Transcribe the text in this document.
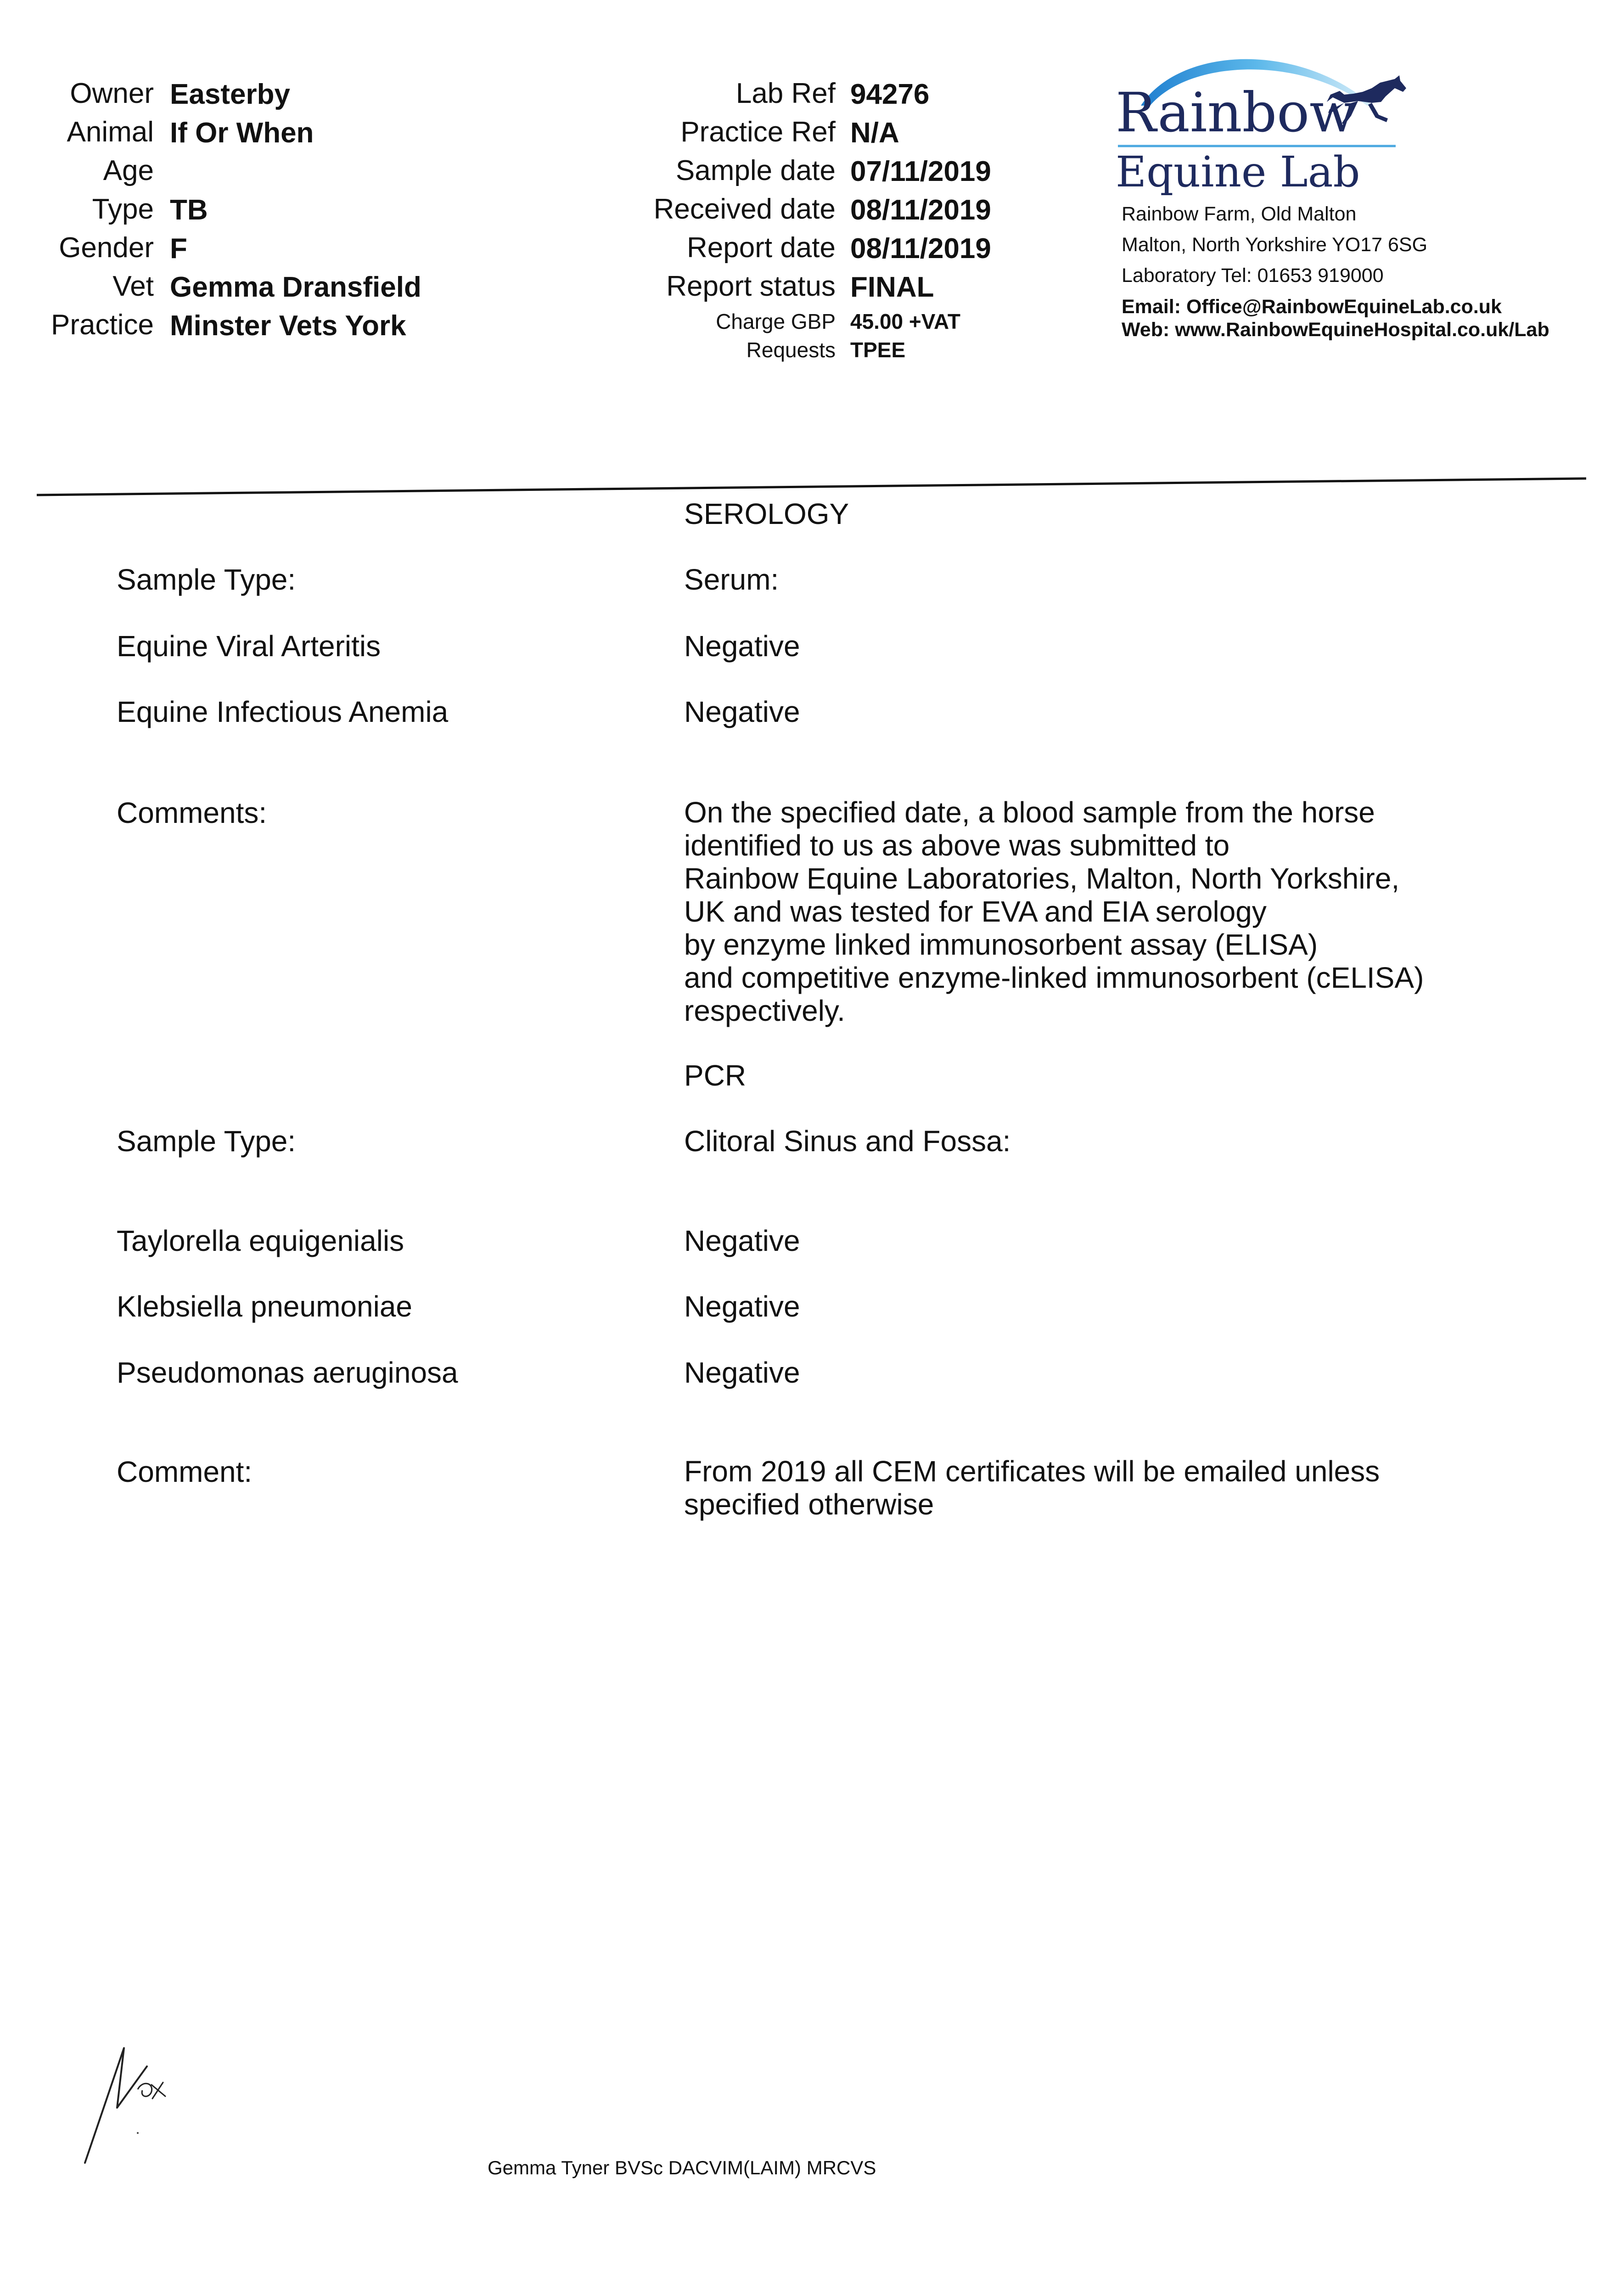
Owner Easterby
Animal If Or When
Age
Type TB
Gender F
Vet Gemma Dransfield
Practice Minster Vets York
Lab Ref 94276
Practice Ref N/A
Sample date 07/11/2019
Received date 08/11/2019
Report date 08/11/2019
Report status FINAL
Charge GBP 45.00 +VAT
Requests TPEE
Rainbow
Equine Lab
Rainbow Farm, Old Malton
Malton, North Yorkshire YO17 6SG
Laboratory Tel: 01653 919000
Email: Office@RainbowEquineLab.co.uk
Web: www.RainbowEquineHospital.co.uk/Lab
SEROLOGY
Sample Type:	Serum:
Equine Viral Arteritis	Negative
Equine Infectious Anemia	Negative
Comments:	On the specified date, a blood sample from the horse
identified to us as above was submitted to
Rainbow Equine Laboratories, Malton, North Yorkshire,
UK and was tested for EVA and EIA serology
by enzyme linked immunosorbent assay (ELISA)
and competitive enzyme-linked immunosorbent (cELISA)
respectively.
PCR
Sample Type:	Clitoral Sinus and Fossa:
Taylorella equigenialis	Negative
Klebsiella pneumoniae	Negative
Pseudomonas aeruginosa	Negative
Comment:	From 2019 all CEM certificates will be emailed unless
specified otherwise
Gemma Tyner BVSc DACVIM(LAIM) MRCVS
